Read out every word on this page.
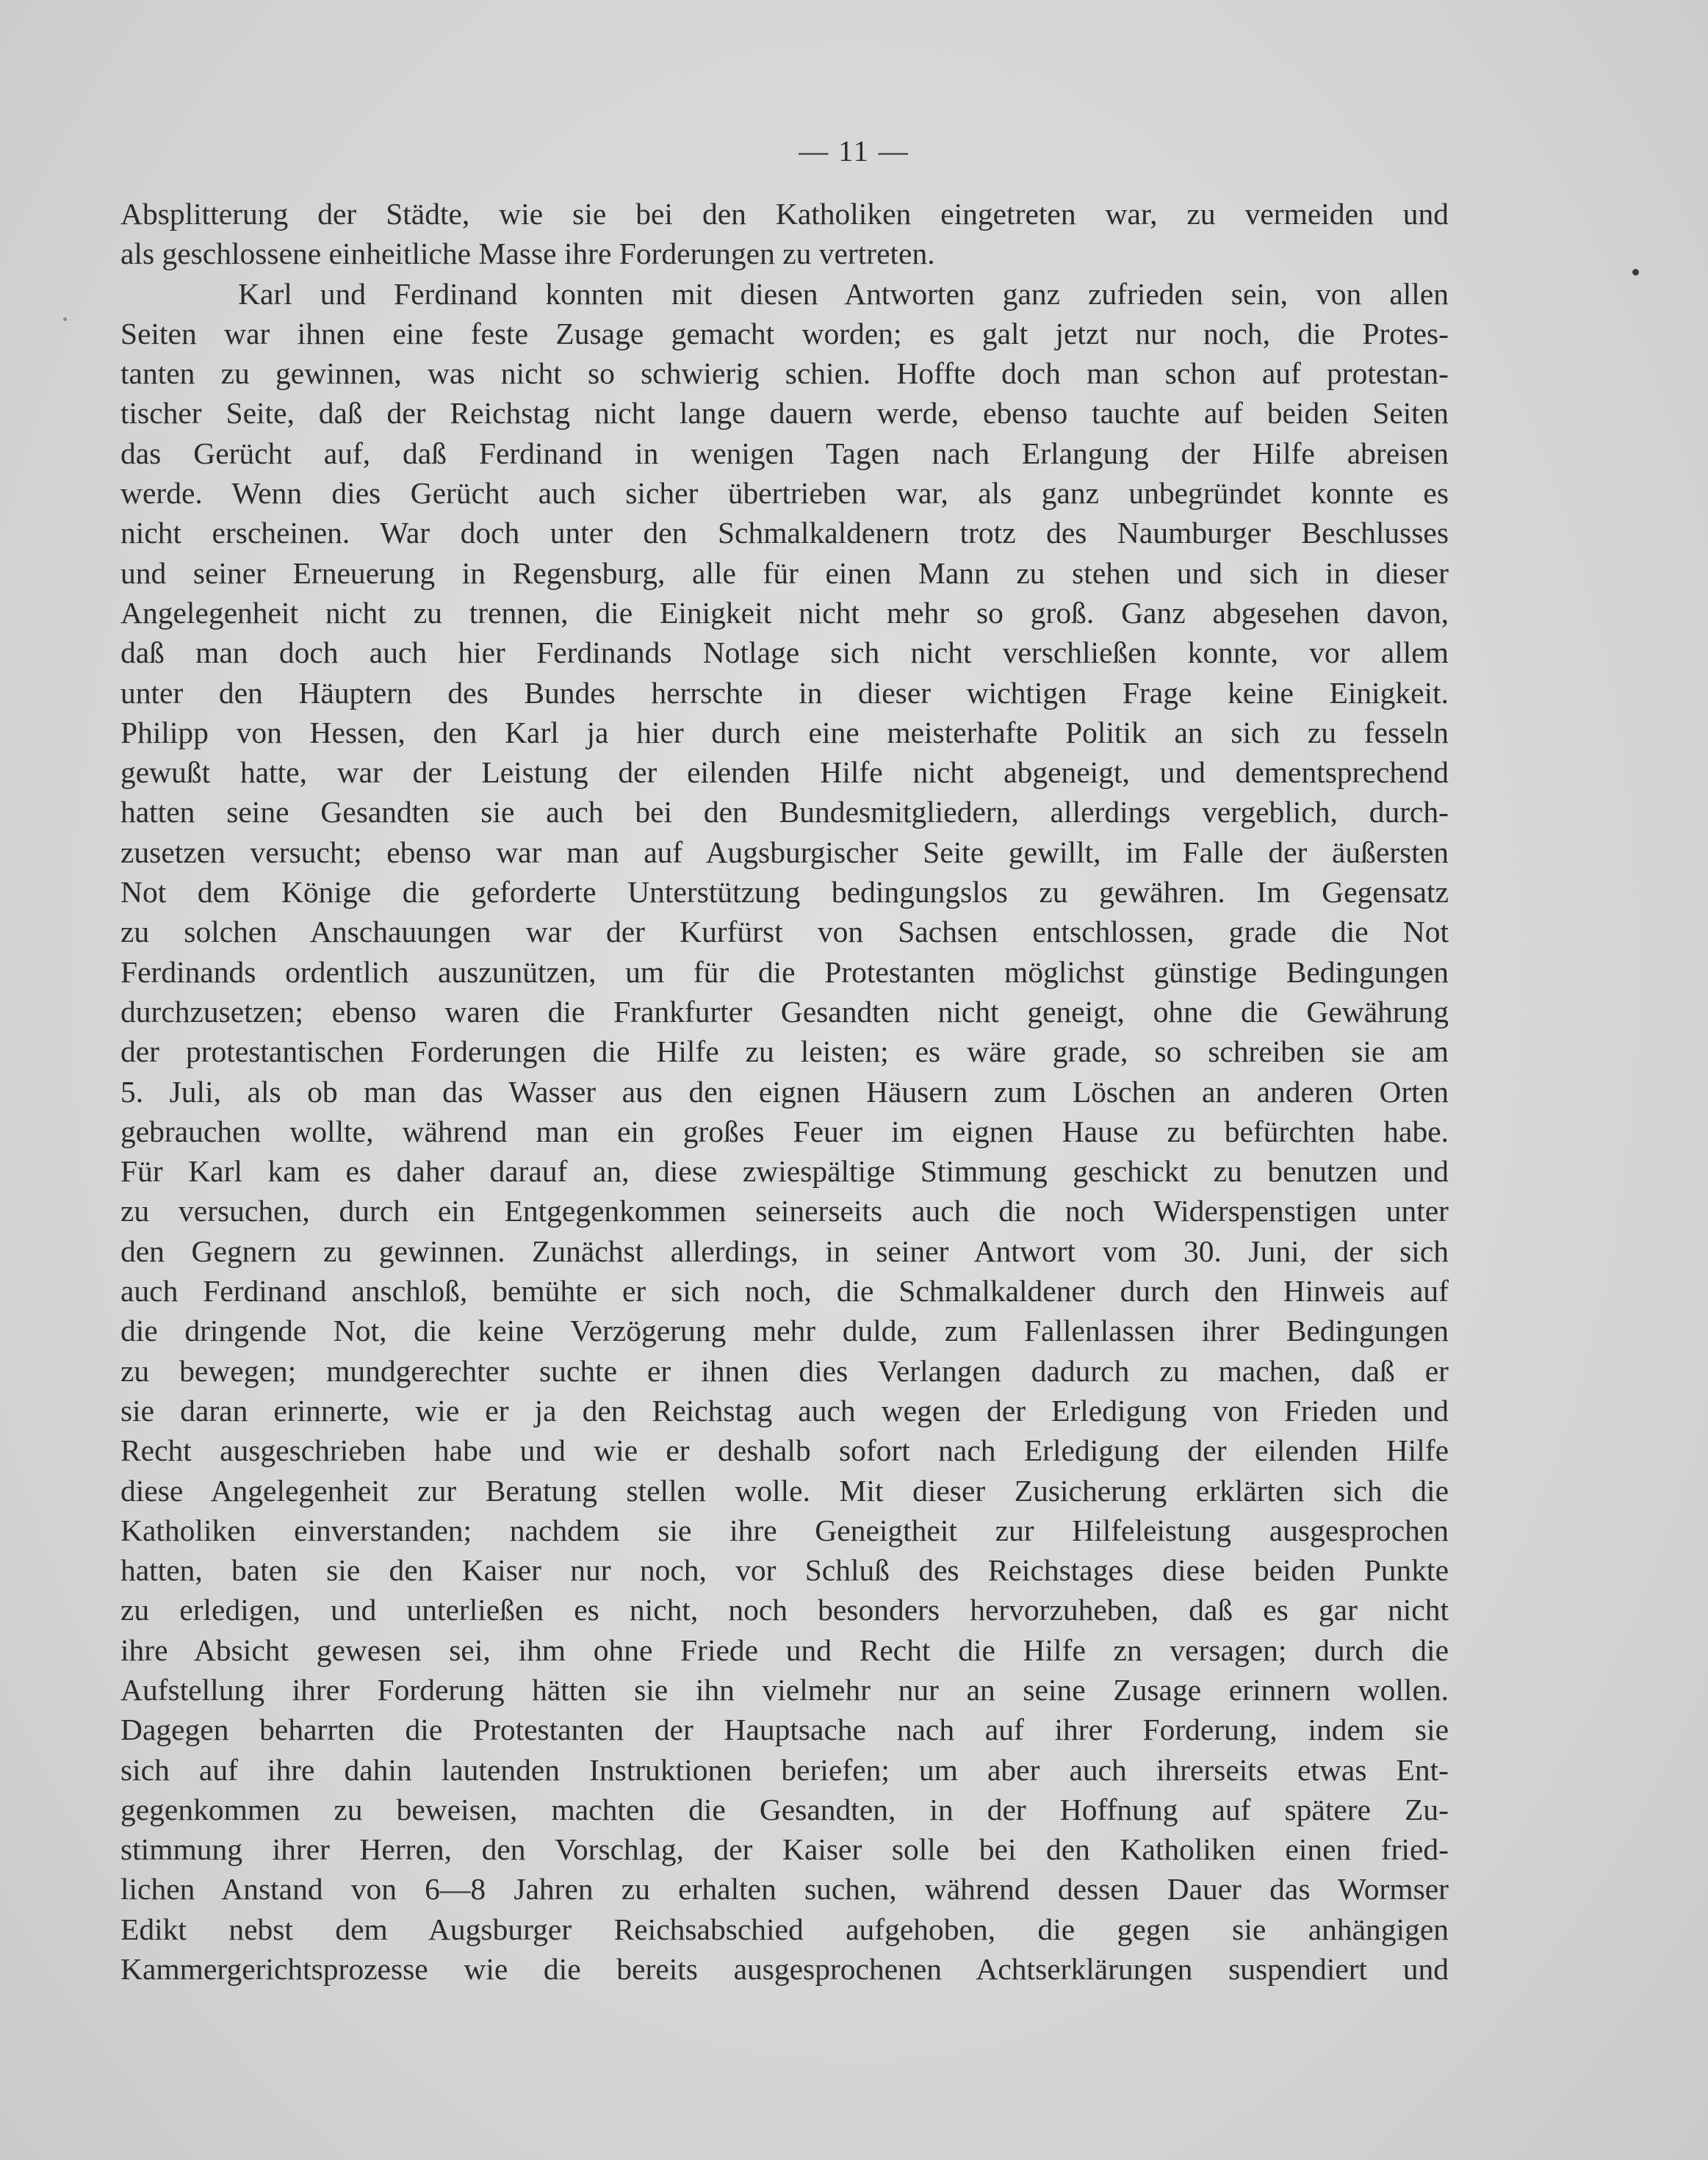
— 11 —
Absplitterung der Städte, wie sie bei den Katholiken eingetreten war, zu vermeiden und
als geschlossene einheitliche Masse ihre Forderungen zu vertreten.
Karl und Ferdinand konnten mit diesen Antworten ganz zufrieden sein, von allen
Seiten war ihnen eine feste Zusage gemacht worden; es galt jetzt nur noch, die Protes-
tanten zu gewinnen, was nicht so schwierig schien. Hoffte doch man schon auf protestan-
tischer Seite, daß der Reichstag nicht lange dauern werde, ebenso tauchte auf beiden Seiten
das Gerücht auf, daß Ferdinand in wenigen Tagen nach Erlangung der Hilfe abreisen
werde. Wenn dies Gerücht auch sicher übertrieben war, als ganz unbegründet konnte es
nicht erscheinen. War doch unter den Schmalkaldenern trotz des Naumburger Beschlusses
und seiner Erneuerung in Regensburg, alle für einen Mann zu stehen und sich in dieser
Angelegenheit nicht zu trennen, die Einigkeit nicht mehr so groß. Ganz abgesehen davon,
daß man doch auch hier Ferdinands Notlage sich nicht verschließen konnte, vor allem
unter den Häuptern des Bundes herrschte in dieser wichtigen Frage keine Einigkeit.
Philipp von Hessen, den Karl ja hier durch eine meisterhafte Politik an sich zu fesseln
gewußt hatte, war der Leistung der eilenden Hilfe nicht abgeneigt, und dementsprechend
hatten seine Gesandten sie auch bei den Bundesmitgliedern, allerdings vergeblich, durch-
zusetzen versucht; ebenso war man auf Augsburgischer Seite gewillt, im Falle der äußersten
Not dem Könige die geforderte Unterstützung bedingungslos zu gewähren. Im Gegensatz
zu solchen Anschauungen war der Kurfürst von Sachsen entschlossen, grade die Not
Ferdinands ordentlich auszunützen, um für die Protestanten möglichst günstige Bedingungen
durchzusetzen; ebenso waren die Frankfurter Gesandten nicht geneigt, ohne die Gewährung
der protestantischen Forderungen die Hilfe zu leisten; es wäre grade, so schreiben sie am
5. Juli, als ob man das Wasser aus den eignen Häusern zum Löschen an anderen Orten
gebrauchen wollte, während man ein großes Feuer im eignen Hause zu befürchten habe.
Für Karl kam es daher darauf an, diese zwiespältige Stimmung geschickt zu benutzen und
zu versuchen, durch ein Entgegenkommen seinerseits auch die noch Widerspenstigen unter
den Gegnern zu gewinnen. Zunächst allerdings, in seiner Antwort vom 30. Juni, der sich
auch Ferdinand anschloß, bemühte er sich noch, die Schmalkaldener durch den Hinweis auf
die dringende Not, die keine Verzögerung mehr dulde, zum Fallenlassen ihrer Bedingungen
zu bewegen; mundgerechter suchte er ihnen dies Verlangen dadurch zu machen, daß er
sie daran erinnerte, wie er ja den Reichstag auch wegen der Erledigung von Frieden und
Recht ausgeschrieben habe und wie er deshalb sofort nach Erledigung der eilenden Hilfe
diese Angelegenheit zur Beratung stellen wolle. Mit dieser Zusicherung erklärten sich die
Katholiken einverstanden; nachdem sie ihre Geneigtheit zur Hilfeleistung ausgesprochen
hatten, baten sie den Kaiser nur noch, vor Schluß des Reichstages diese beiden Punkte
zu erledigen, und unterließen es nicht, noch besonders hervorzuheben, daß es gar nicht
ihre Absicht gewesen sei, ihm ohne Friede und Recht die Hilfe zn versagen; durch die
Aufstellung ihrer Forderung hätten sie ihn vielmehr nur an seine Zusage erinnern wollen.
Dagegen beharrten die Protestanten der Hauptsache nach auf ihrer Forderung, indem sie
sich auf ihre dahin lautenden Instruktionen beriefen; um aber auch ihrerseits etwas Ent-
gegenkommen zu beweisen, machten die Gesandten, in der Hoffnung auf spätere Zu-
stimmung ihrer Herren, den Vorschlag, der Kaiser solle bei den Katholiken einen fried-
lichen Anstand von 6—8 Jahren zu erhalten suchen, während dessen Dauer das Wormser
Edikt nebst dem Augsburger Reichsabschied aufgehoben, die gegen sie anhängigen
Kammergerichtsprozesse wie die bereits ausgesprochenen Achtserklärungen suspendiert und
